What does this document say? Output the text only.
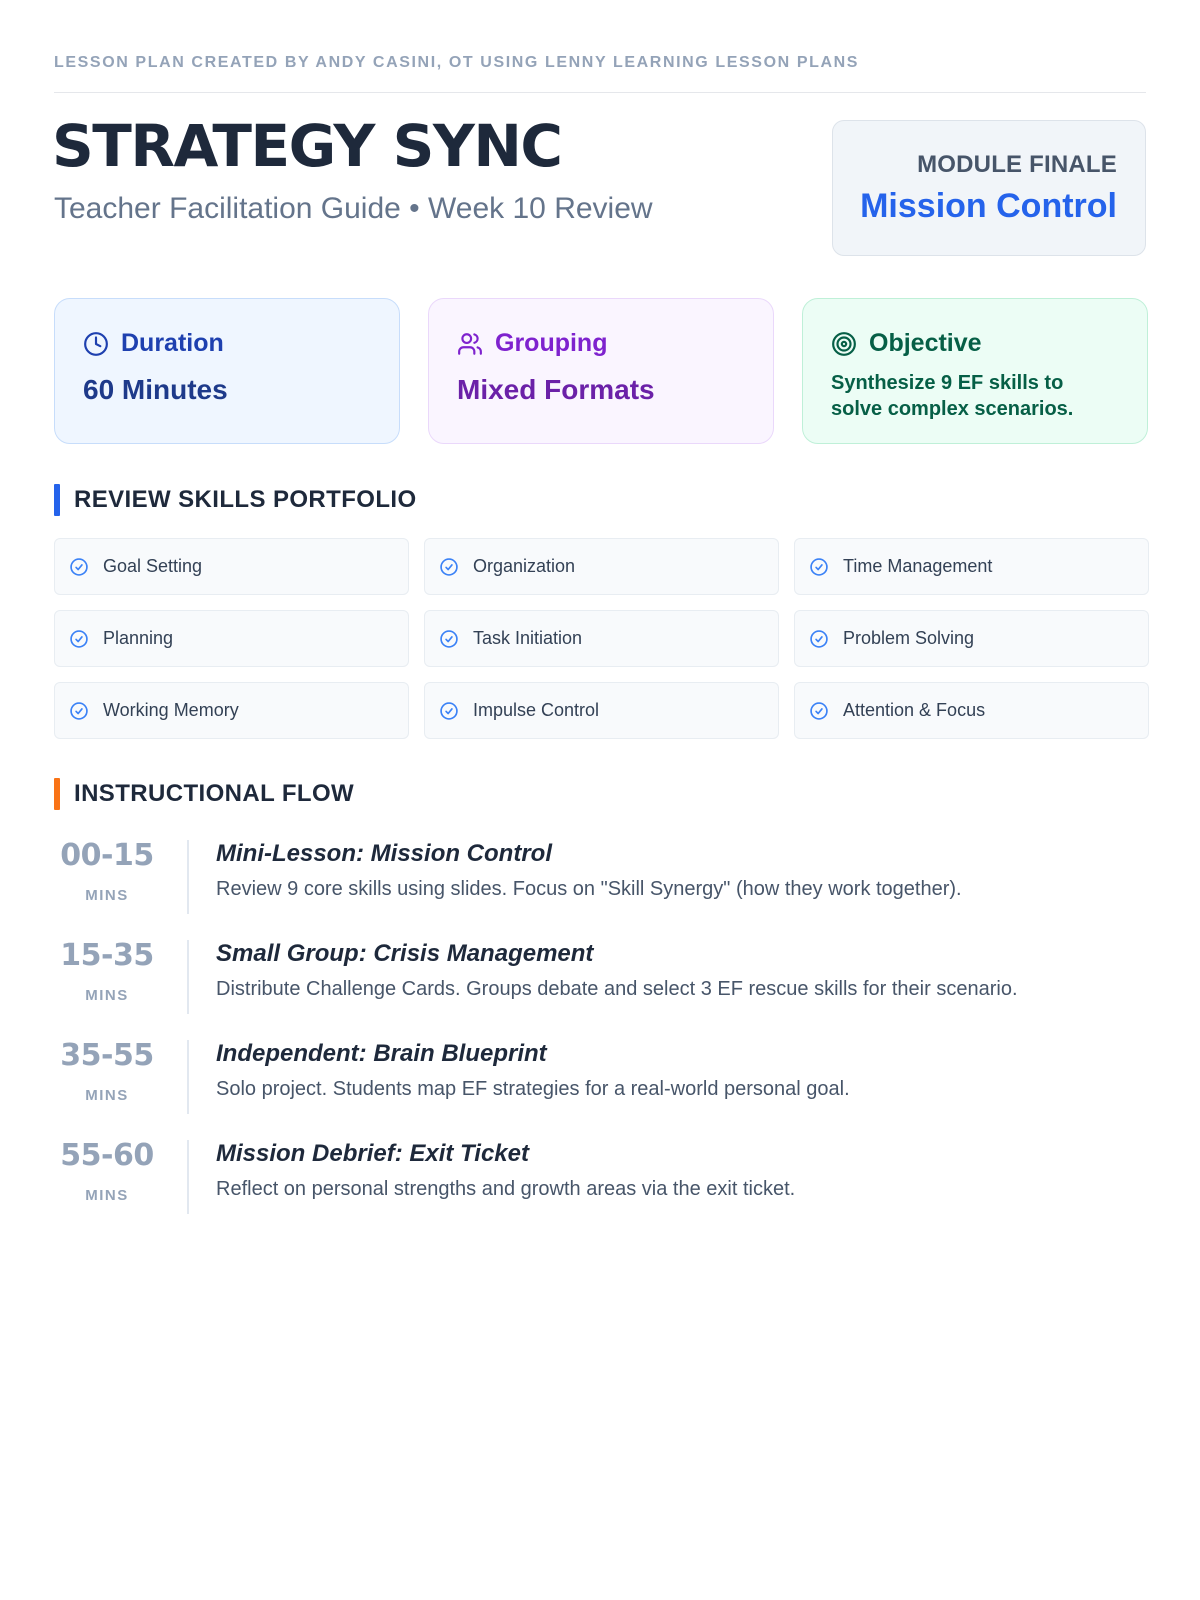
LESSON PLAN CREATED BY ANDY CASINI, OT USING LENNY LEARNING LESSON PLANS
STRATEGY SYNC
Teacher Facilitation Guide • Week 10 Review
MODULE FINALE
Mission Control
Duration
60 Minutes
Grouping
Mixed Formats
Objective
Synthesize 9 EF skills to solve complex scenarios.
REVIEW SKILLS PORTFOLIO
Goal Setting	Organization	Time Management
Planning	Task Initiation	Problem Solving
Working Memory	Impulse Control	Attention & Focus
INSTRUCTIONAL FLOW
00-15
MINS
Mini-Lesson: Mission Control
Review 9 core skills using slides. Focus on "Skill Synergy" (how they work together).
15-35
MINS
Small Group: Crisis Management
Distribute Challenge Cards. Groups debate and select 3 EF rescue skills for their scenario.
35-55
MINS
Independent: Brain Blueprint
Solo project. Students map EF strategies for a real-world personal goal.
55-60
MINS
Mission Debrief: Exit Ticket
Reflect on personal strengths and growth areas via the exit ticket.
